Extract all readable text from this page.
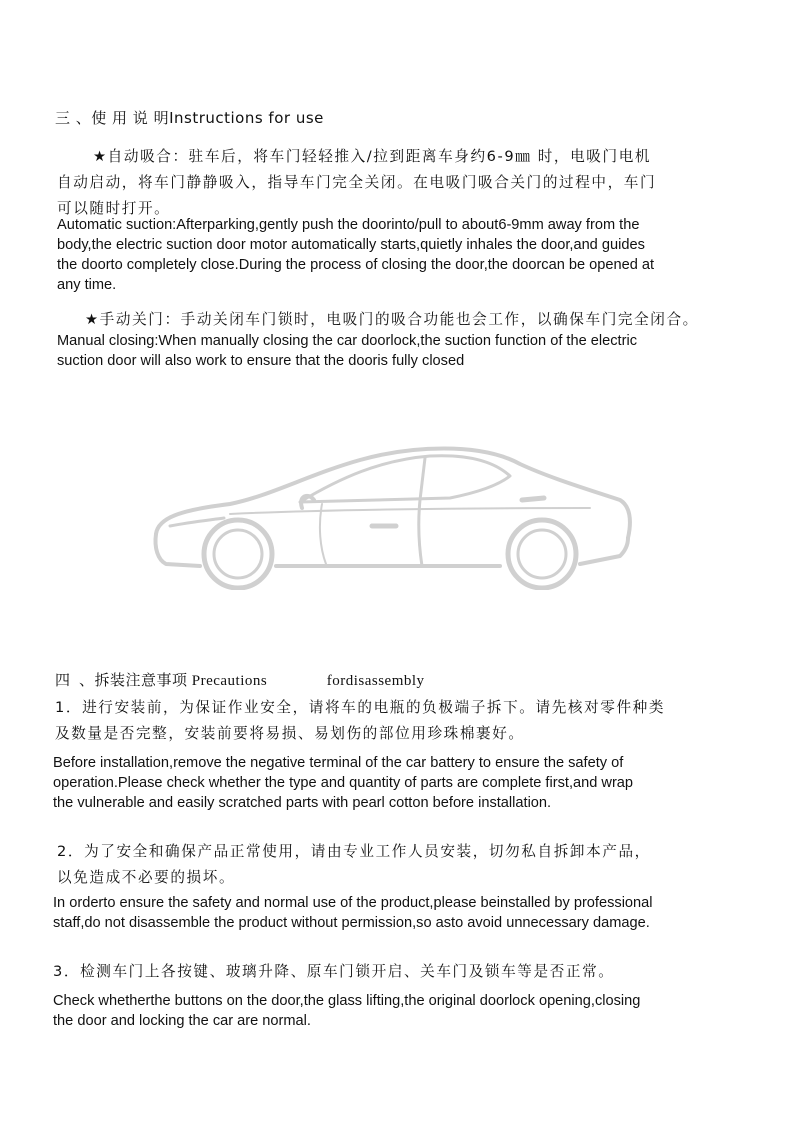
三 、使 用 说 明Instructions for use
★自动吸合：驻车后，将车门轻轻推入/拉到距离车身约6-9㎜ 时，电吸门电机
自动启动，将车门静静吸入，指导车门完全关闭。在电吸门吸合关门的过程中，车门
可以随时打开。
Automatic suction:Afterparking,gently push the doorinto/pull to about6-9mm away from the
body,the electric suction door motor automatically starts,quietly inhales the door,and guides
the doorto completely close.During the process of closing the door,the doorcan be opened at
any time.
★手动关门：手动关闭车门锁时，电吸门的吸合功能也会工作，以确保车门完全闭合。
Manual closing:When manually closing the car doorlock,the suction function of the electric
suction door will also work to ensure that the dooris fully closed
四  、拆装注意事项 Precautions              fordisassembly
1．进行安装前，为保证作业安全，请将车的电瓶的负极端子拆下。请先核对零件种类
及数量是否完整，安装前要将易损、易划伤的部位用珍珠棉裹好。
Before installation,remove the negative terminal of the car battery to ensure the safety of
operation.Please check whether the type and quantity of parts are complete first,and wrap
the vulnerable and easily scratched parts with pearl cotton before installation.
2．为了安全和确保产品正常使用，请由专业工作人员安装，切勿私自拆卸本产品，
以免造成不必要的损坏。
In orderto ensure the safety and normal use of the product,please beinstalled by professional
staff,do not disassemble the product without permission,so asto avoid unnecessary damage.
3．检测车门上各按键、玻璃升降、原车门锁开启、关车门及锁车等是否正常。
Check whetherthe buttons on the door,the glass lifting,the original doorlock opening,closing
the door and locking the car are normal.
